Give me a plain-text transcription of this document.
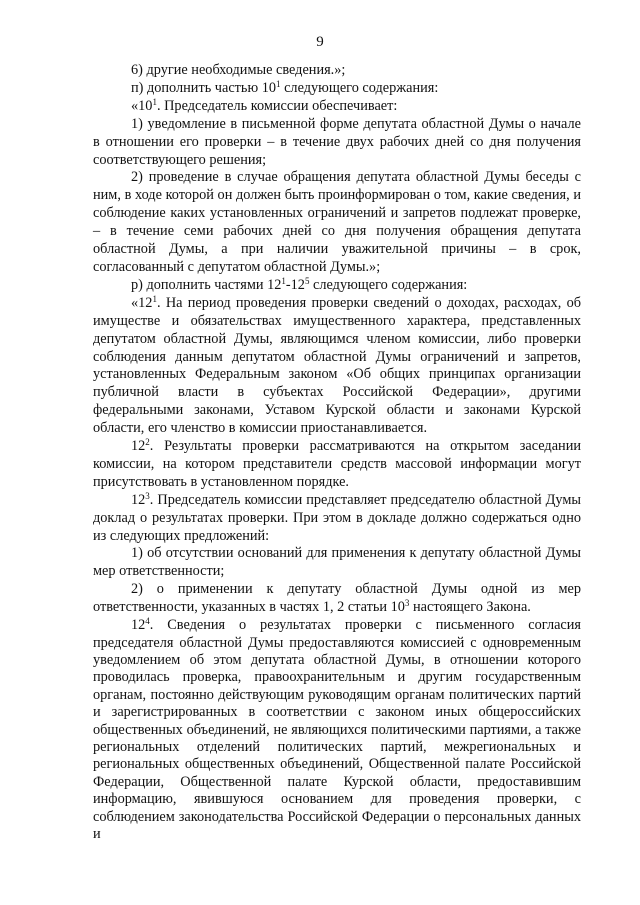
9

6) другие необходимые сведения.»;

п) дополнить частью $10^1$ следующего содержания:

«$10^1$. Председатель комиссии обеспечивает:

1) уведомление в письменной форме депутата областной Думы о начале в отношении его проверки – в течение двух рабочих дней со дня получения соответствующего решения;

2) проведение в случае обращения депутата областной Думы беседы с ним, в ходе которой он должен быть проинформирован о том, какие сведения, и соблюдение каких установленных ограничений и запретов подлежат проверке, – в течение семи рабочих дней со дня получения обращения депутата областной Думы, а при наличии уважительной причины – в срок, согласованный с депутатом областной Думы.»;

р) дополнить частями $12^1-12^5$ следующего содержания:

«$12^1$. На период проведения проверки сведений о доходах, расходах, об имуществе и обязательствах имущественного характера, представленных депутатом областной Думы, являющимся членом комиссии, либо проверки соблюдения данным депутатом областной Думы ограничений и запретов, установленных Федеральным законом «Об общих принципах организации публичной власти в субъектах Российской Федерации», другими федеральными законами, Уставом Курской области и законами Курской области, его членство в комиссии приостанавливается.

$12^2$. Результаты проверки рассматриваются на открытом заседании комиссии, на котором представители средств массовой информации могут присутствовать в установленном порядке.

$12^3$. Председатель комиссии представляет председателю областной Думы доклад о результатах проверки. При этом в докладе должно содержаться одно из следующих предложений:

1) об отсутствии оснований для применения к депутату областной Думы мер ответственности;

2) о применении к депутату областной Думы одной из мер ответственности, указанных в частях 1, 2 статьи $10^3$ настоящего Закона.

$12^4$. Сведения о результатах проверки с письменного согласия председателя областной Думы предоставляются комиссией с одновременным уведомлением об этом депутата областной Думы, в отношении которого проводилась проверка, правоохранительным и другим государственным органам, постоянно действующим руководящим органам политических партий и зарегистрированных в соответствии с законом иных общероссийских общественных объединений, не являющихся политическими партиями, а также региональных отделений политических партий, межрегиональных и региональных общественных объединений, Общественной палате Российской Федерации, Общественной палате Курской области, предоставившим информацию, явившуюся основанием для проведения проверки, с соблюдением законодательства Российской Федерации о персональных данных и
